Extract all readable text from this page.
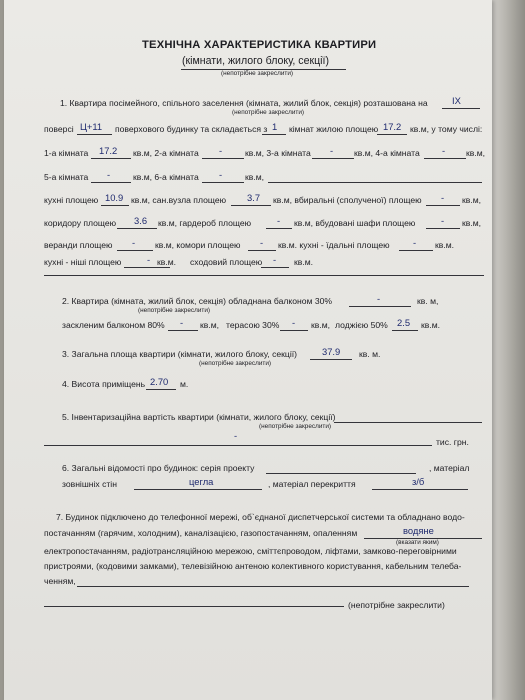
ТЕХНІЧНА ХАРАКТЕРИСТИКА КВАРТИРИ
(кімнати, жилого блоку, секції)
(непотрібне закреслити)
1. Квартира посімейного, спільного заселення (кімната, жилий блок, секція) розташована на	IX
(непотрібне закреслити)
поверсі Ц+11 поверхового будинку та складається з 1 кімнат жилою площею 17.2 кв.м, у тому числі:
1-а кімната 17.2 кв.м, 2-а кімната -	кв.м, 3-а кімната - кв.м, 4-а кімната - кв.м,
5-а кімната -	кв.м, 6-а кімната -	кв.м,
кухні площею 10.9 кв.м, сан.вузла площею 3.7 кв.м, вбиральні (сполученої) площею - кв.м,
коридору площею 3.6 кв.м, гардероб площею	- кв.м, вбудовані шафи площею	- кв.м,
веранди площею - кв.м, комори площею - кв.м. кухні - їдальні площею - кв.м.
кухні - ніші площею	- кв.м. сходовий площею - кв.м.
2. Квартира (кімната, жилий блок, секція) обладнана балконом 30%	-	кв. м,
(непотрібне закреслити)
заскленим балконом 80% - кв.м, терасою 30% - кв.м, лоджією 50% 2.5 кв.м.
3. Загальна площа квартири (кімнати, жилого блоку, секції)	37.9 кв. м.
(непотрібне закреслити)
4. Висота приміщень 2.70 м.
5. Інвентаризаційна вартість квартири (кімнати, жилого блоку, секції)
(непотрібне закреслити)
-
тис. грн.
6. Загальні відомості про будинок: серія проекту	, матеріал
зовнішніх стін	цегла	, матеріал перекриття	з/б
7. Будинок підключено до телефонної мережі, об`єднаної диспетчерської системи та обладнано водо-
постачанням (гарячим, холодним), каналізацією, газопостачанням, опаленням	водяне
(вказати яким)
електропостачанням, радіотрансляційною мережою, сміттєпроводом, ліфтами, замково-переговірними
пристроями, (кодовими замками), телевізійною антеною колективного користування, кабельним телеба-
ченням,
(непотрібне закреслити)
